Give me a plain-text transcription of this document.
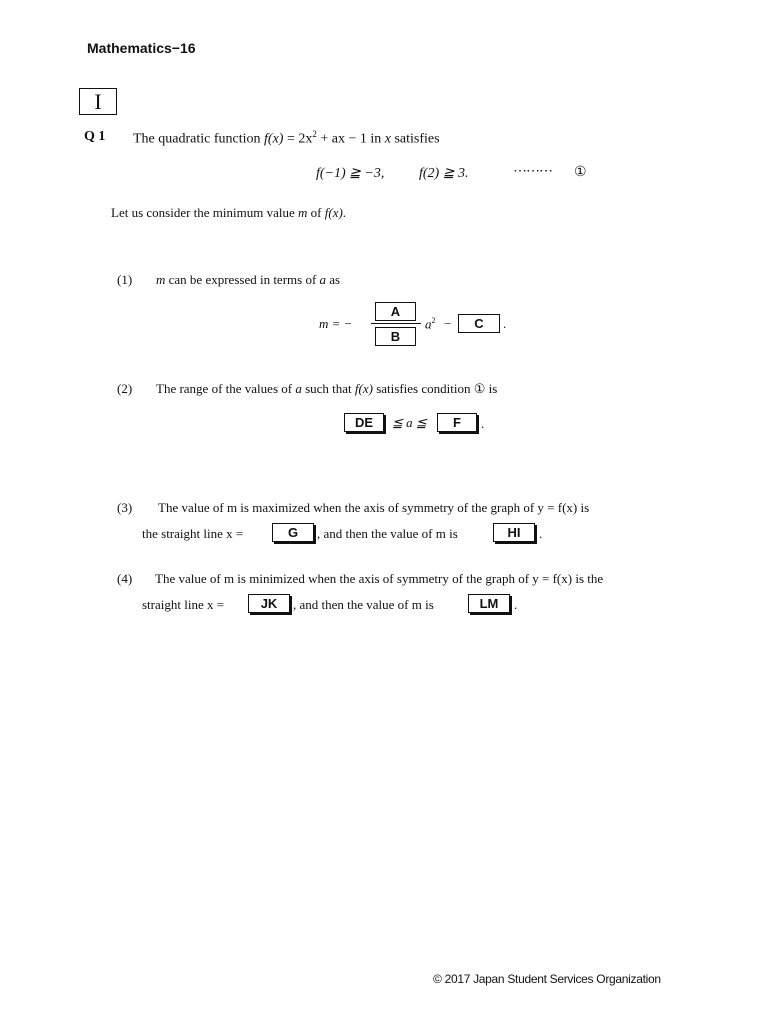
Mathematics−16
I
Q 1 The quadratic function $f(x) = 2x^2$ + ax − 1 in x satisfies
f(−1) ≧ −3, f(2) ≧ 3.	⋯⋯⋯ ①
Let us consider the minimum value m of f(x).
(1) m can be expressed in terms of a as
m = −
A
B
$a^2 - C$ .
(2) The range of the values of a such that f(x) satisfies condition ① is
DE ≦ a ≦ F .
(3) The value of m is maximized when the axis of symmetry of the graph of y = f(x) is
the straight line x =	G , and then the value of m is	HI .
(4) The value of m is minimized when the axis of symmetry of the graph of y = f(x) is the
straight line x =	JK , and then the value of m is	LM .
© 2017 Japan Student Services Organization
